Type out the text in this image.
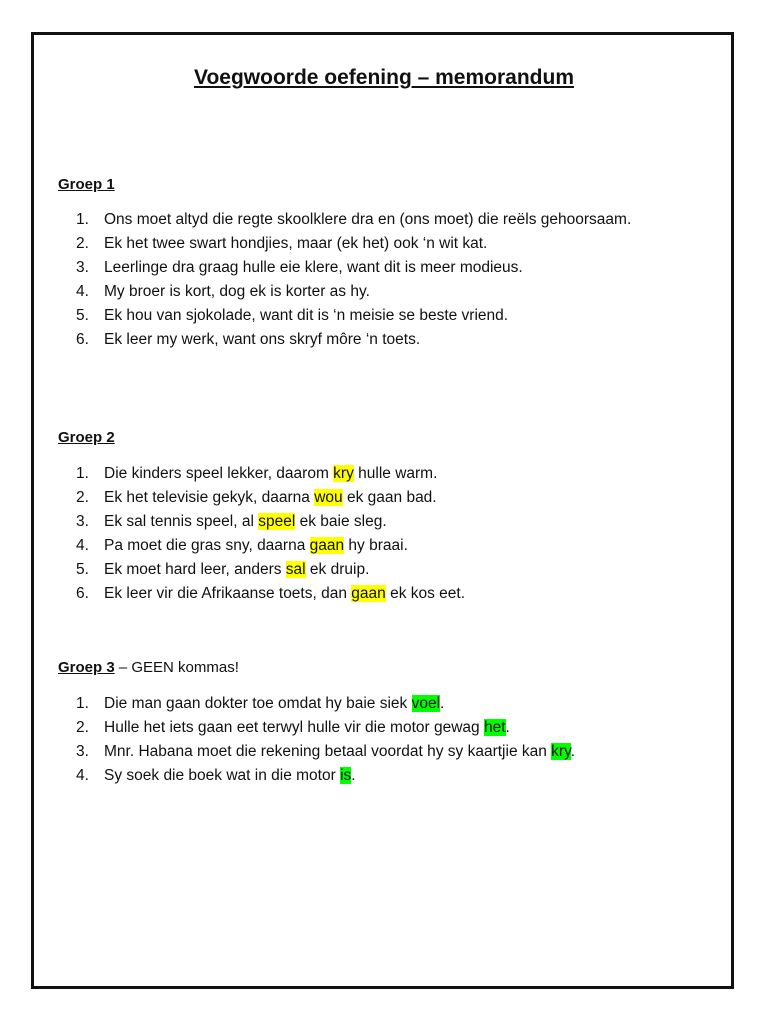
Voegwoorde oefening – memorandum
Groep 1
1. Ons moet altyd die regte skoolklere dra en (ons moet) die reëls gehoorsaam.
2. Ek het twee swart hondjies, maar (ek het) ook ‘n wit kat.
3. Leerlinge dra graag hulle eie klere, want dit is meer modieus.
4. My broer is kort, dog ek is korter as hy.
5. Ek hou van sjokolade, want dit is ‘n meisie se beste vriend.
6. Ek leer my werk, want ons skryf môre ‘n toets.
Groep 2
1. Die kinders speel lekker, daarom kry hulle warm.
2. Ek het televisie gekyk, daarna wou ek gaan bad.
3. Ek sal tennis speel, al speel ek baie sleg.
4. Pa moet die gras sny, daarna gaan hy braai.
5. Ek moet hard leer, anders sal ek druip.
6. Ek leer vir die Afrikaanse toets, dan gaan ek kos eet.
Groep 3 – GEEN kommas!
1. Die man gaan dokter toe omdat hy baie siek voel.
2. Hulle het iets gaan eet terwyl hulle vir die motor gewag het.
3. Mnr. Habana moet die rekening betaal voordat hy sy kaartjie kan kry.
4. Sy soek die boek wat in die motor is.
